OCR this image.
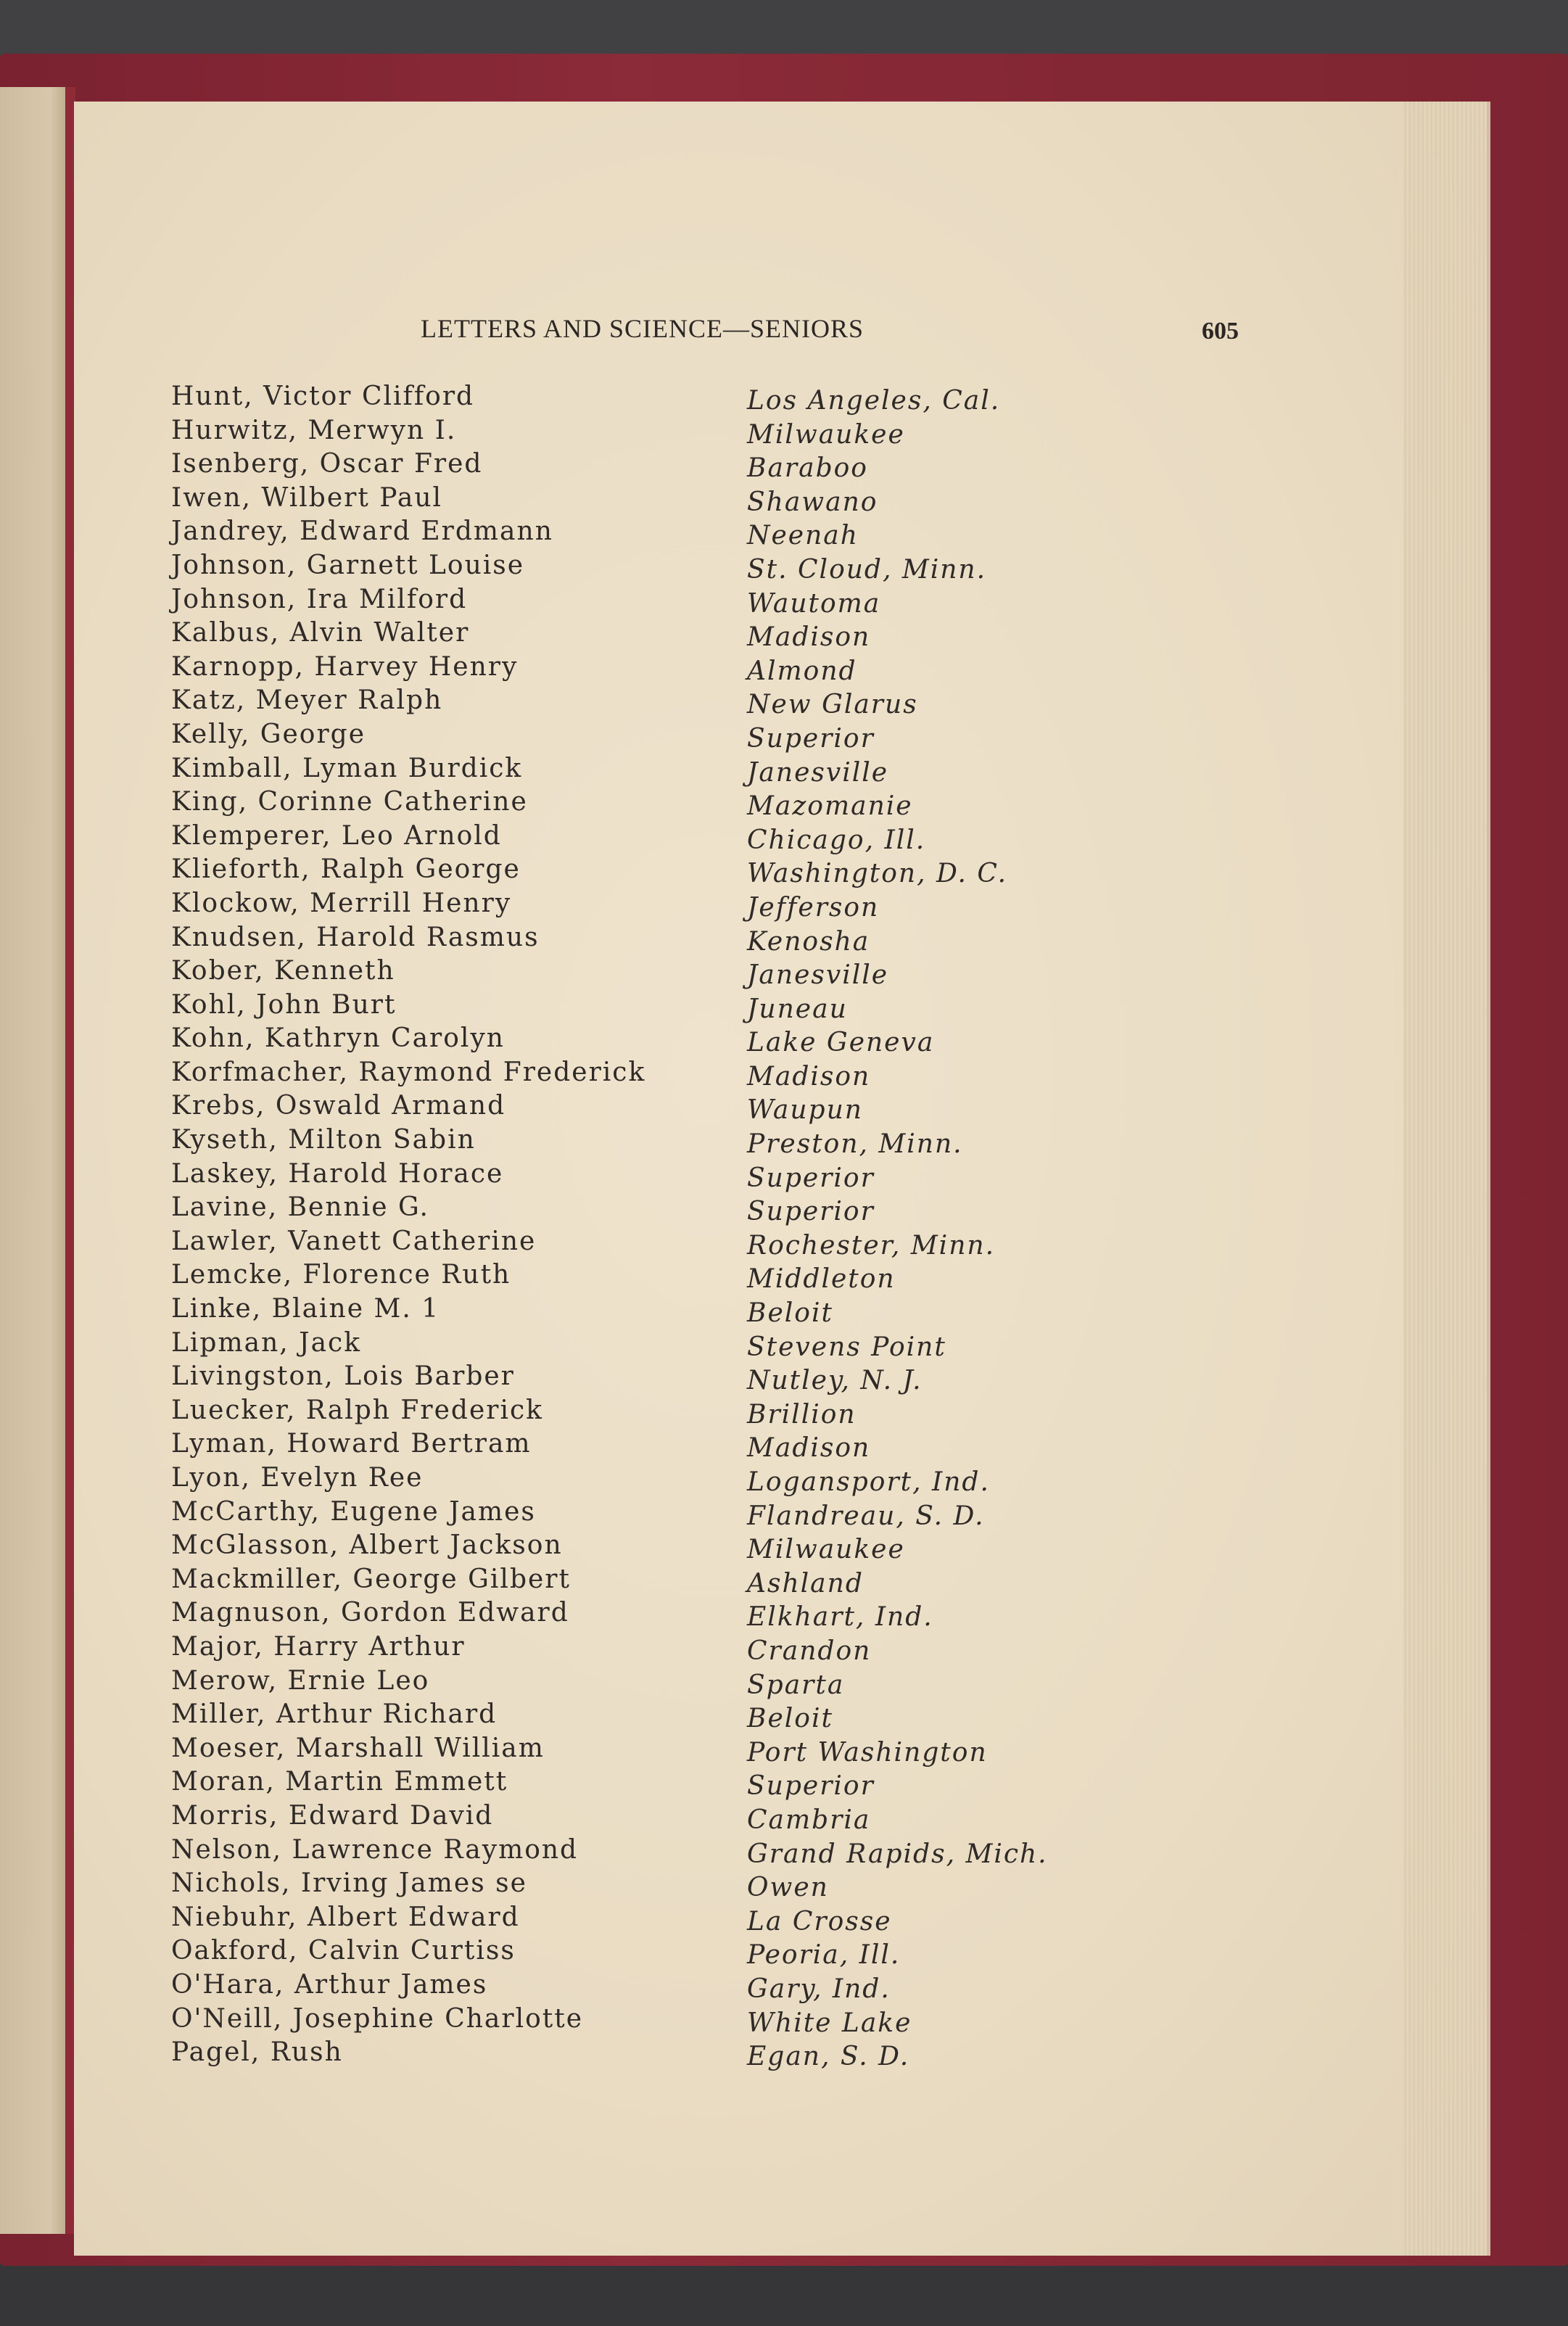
LETTERS AND SCIENCE—SENIORS	605
Hunt, Victor Clifford
Hurwitz, Merwyn I.
Isenberg, Oscar Fred
Iwen, Wilbert Paul
Jandrey, Edward Erdmann
Johnson, Garnett Louise
Johnson, Ira Milford
Kalbus, Alvin Walter
Karnopp, Harvey Henry
Katz, Meyer Ralph
Kelly, George
Kimball, Lyman Burdick
King, Corinne Catherine
Klemperer, Leo Arnold
Klieforth, Ralph George
Klockow, Merrill Henry
Knudsen, Harold Rasmus
Kober, Kenneth
Kohl, John Burt
Kohn, Kathryn Carolyn
Korfmacher, Raymond Frederick
Krebs, Oswald Armand
Kyseth, Milton Sabin
Laskey, Harold Horace
Lavine, Bennie G.
Lawler, Vanett Catherine
Lemcke, Florence Ruth
Linke, Blaine M. 1
Lipman, Jack
Livingston, Lois Barber
Luecker, Ralph Frederick
Lyman, Howard Bertram
Lyon, Evelyn Ree
McCarthy, Eugene James
McGlasson, Albert Jackson
Mackmiller, George Gilbert
Magnuson, Gordon Edward
Major, Harry Arthur
Merow, Ernie Leo
Miller, Arthur Richard
Moeser, Marshall William
Moran, Martin Emmett
Morris, Edward David
Nelson, Lawrence Raymond
Nichols, Irving James se
Niebuhr, Albert Edward
Oakford, Calvin Curtiss
O'Hara, Arthur James
O'Neill, Josephine Charlotte
Pagel, Rush
Los Angeles, Cal.
Milwaukee
Baraboo
Shawano
Neenah
St. Cloud, Minn.
Wautoma
Madison
Almond
New Glarus
Superior
Janesville
Mazomanie
Chicago, Ill.
Washington, D. C.
Jefferson
Kenosha
Janesville
Juneau
Lake Geneva
Madison
Waupun
Preston, Minn.
Superior
Superior
Rochester, Minn.
Middleton
Beloit
Stevens Point
Nutley, N. J.
Brillion
Madison
Logansport, Ind.
Flandreau, S. D.
Milwaukee
Ashland
Elkhart, Ind.
Crandon
Sparta
Beloit
Port Washington
Superior
Cambria
Grand Rapids, Mich.
Owen
La Crosse
Peoria, Ill.
Gary, Ind.
White Lake
Egan, S. D.
